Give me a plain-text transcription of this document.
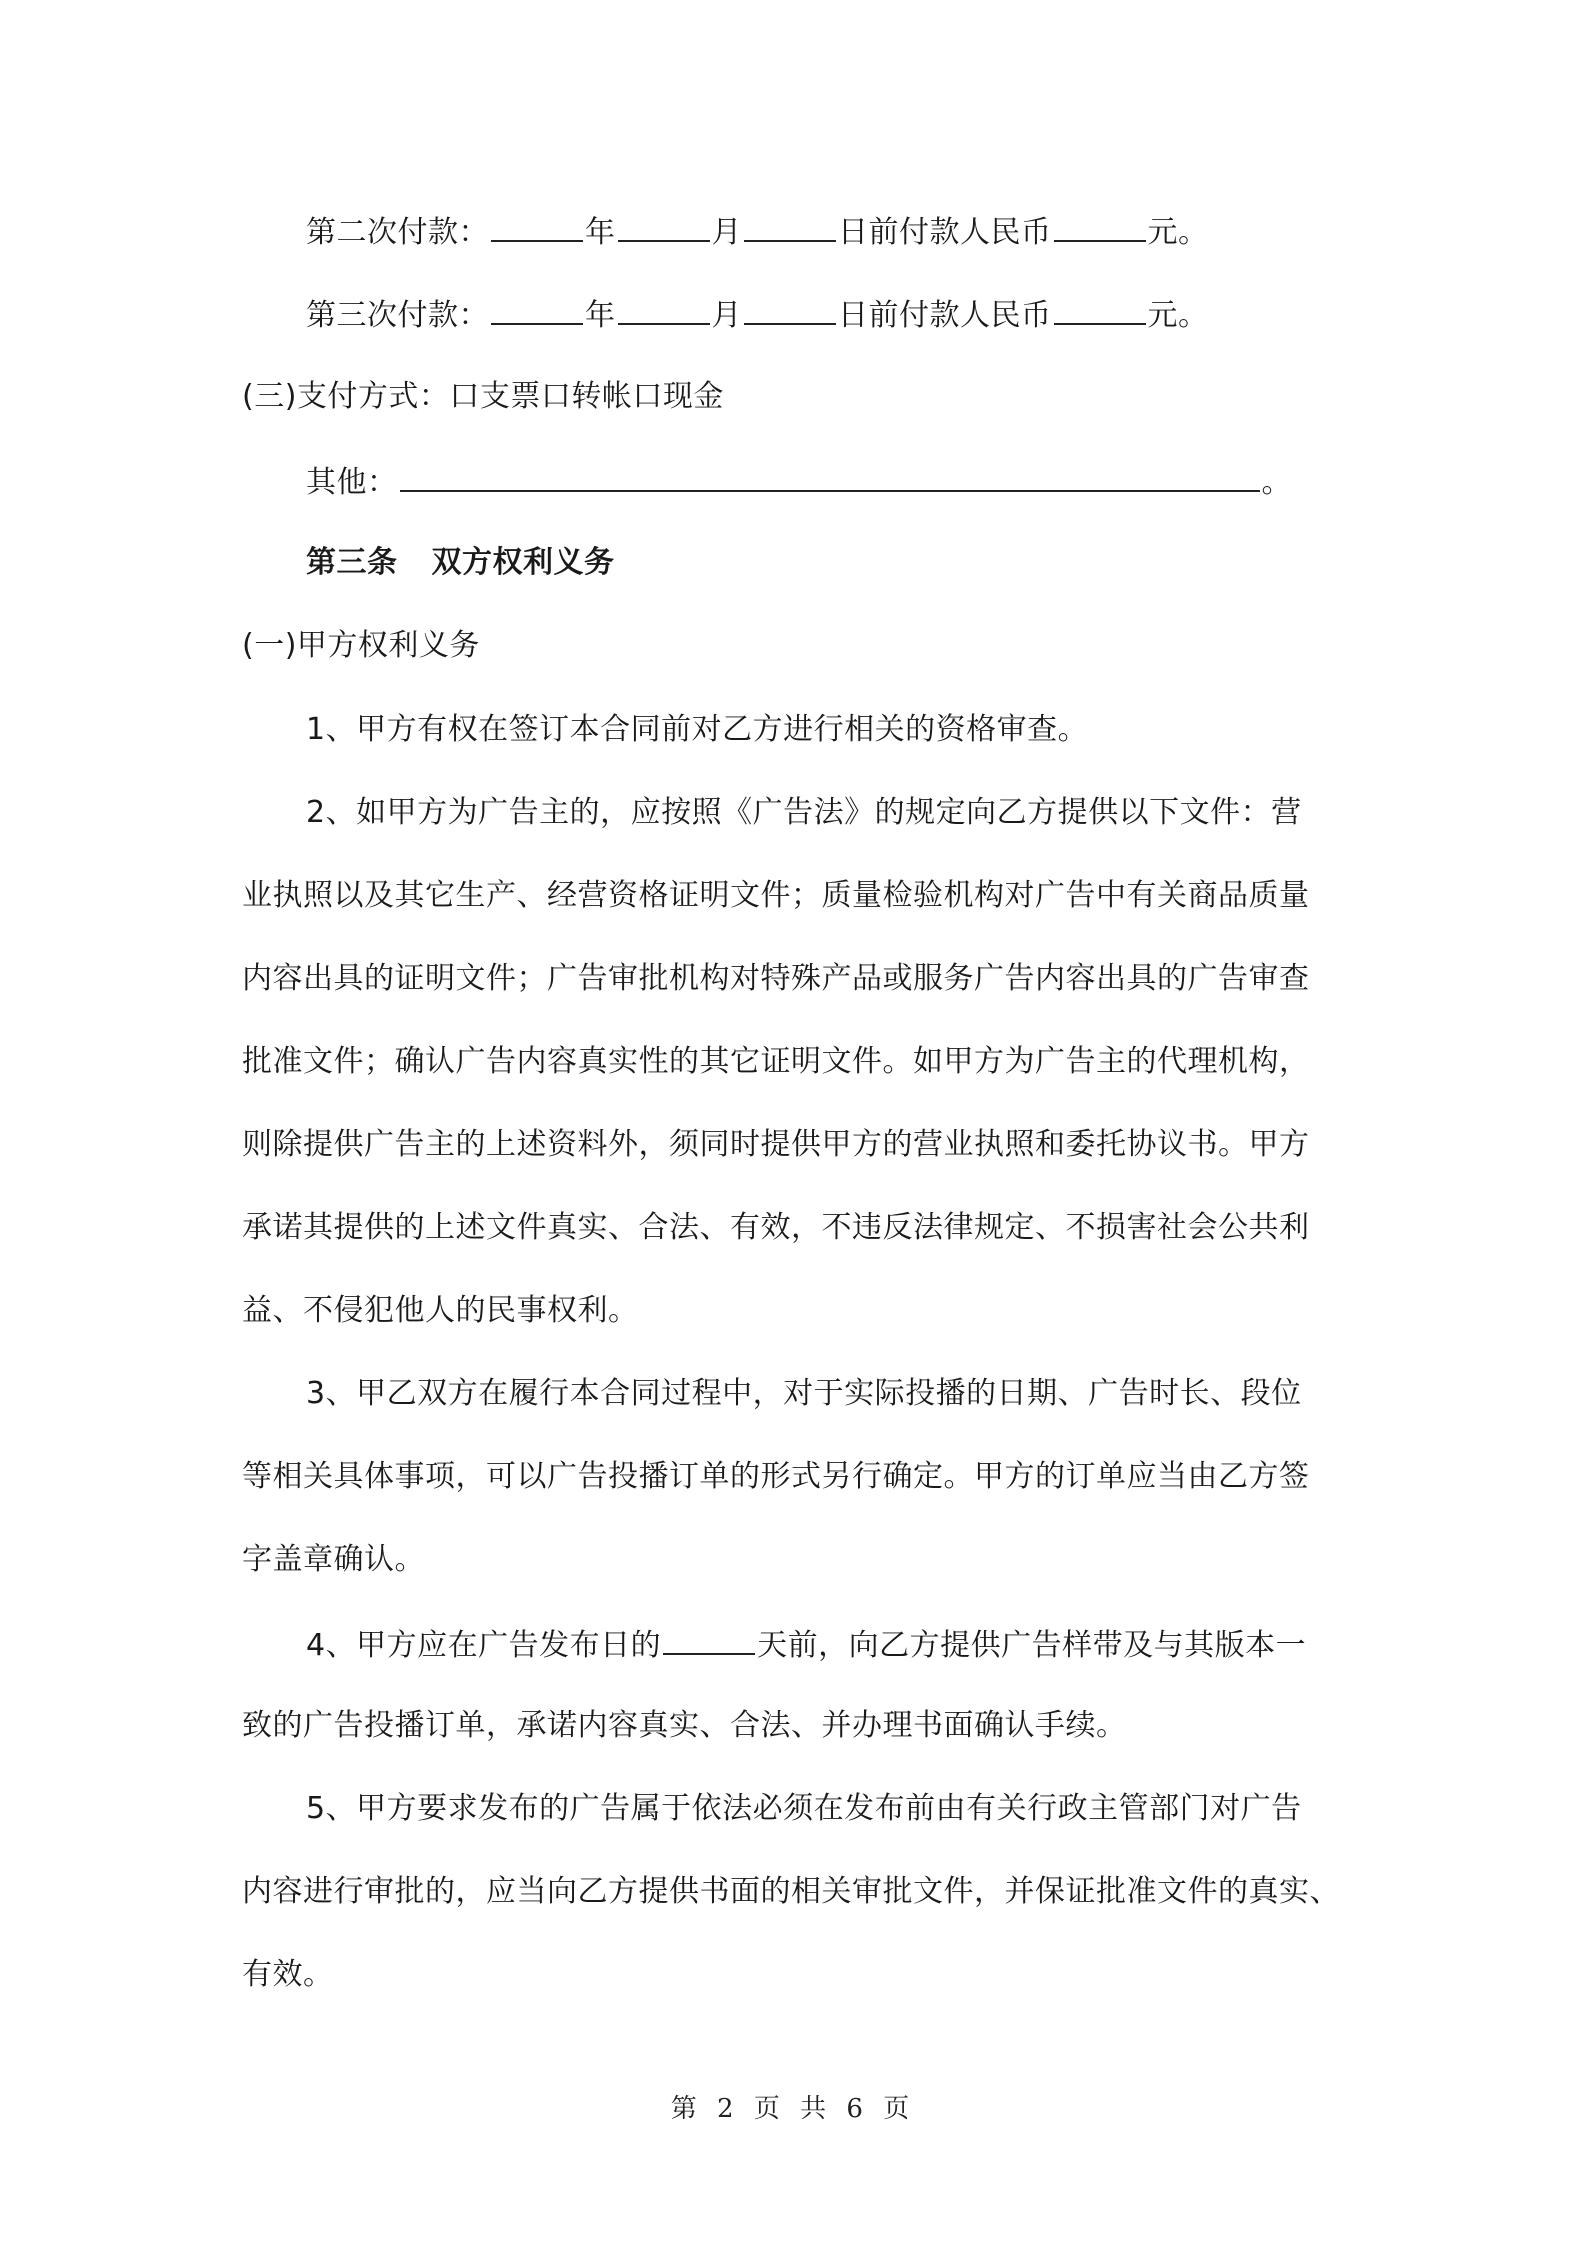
第二次付款：	年	月	日前付款人民币	元。
第三次付款：	年	月	日前付款人民币	元。
(三)支付方式：口支票口转帐口现金
其他：	。
第三条 双方权利义务
(一)甲方权利义务
1、甲方有权在签订本合同前对乙方进行相关的资格审查。
2、如甲方为广告主的，应按照《广告法》的规定向乙方提供以下文件：营
业执照以及其它生产、经营资格证明文件；质量检验机构对广告中有关商品质量
内容出具的证明文件；广告审批机构对特殊产品或服务广告内容出具的广告审查
批准文件；确认广告内容真实性的其它证明文件。如甲方为广告主的代理机构，
则除提供广告主的上述资料外，须同时提供甲方的营业执照和委托协议书。甲方
承诺其提供的上述文件真实、合法、有效，不违反法律规定、不损害社会公共利
益、不侵犯他人的民事权利。
3、甲乙双方在履行本合同过程中，对于实际投播的日期、广告时长、段位
等相关具体事项，可以广告投播订单的形式另行确定。甲方的订单应当由乙方签
字盖章确认。
4、甲方应在广告发布日的	天前，向乙方提供广告样带及与其版本一
致的广告投播订单，承诺内容真实、合法、并办理书面确认手续。
5、甲方要求发布的广告属于依法必须在发布前由有关行政主管部门对广告
内容进行审批的，应当向乙方提供书面的相关审批文件，并保证批准文件的真实、
有效。
第 2 页 共 6 页
